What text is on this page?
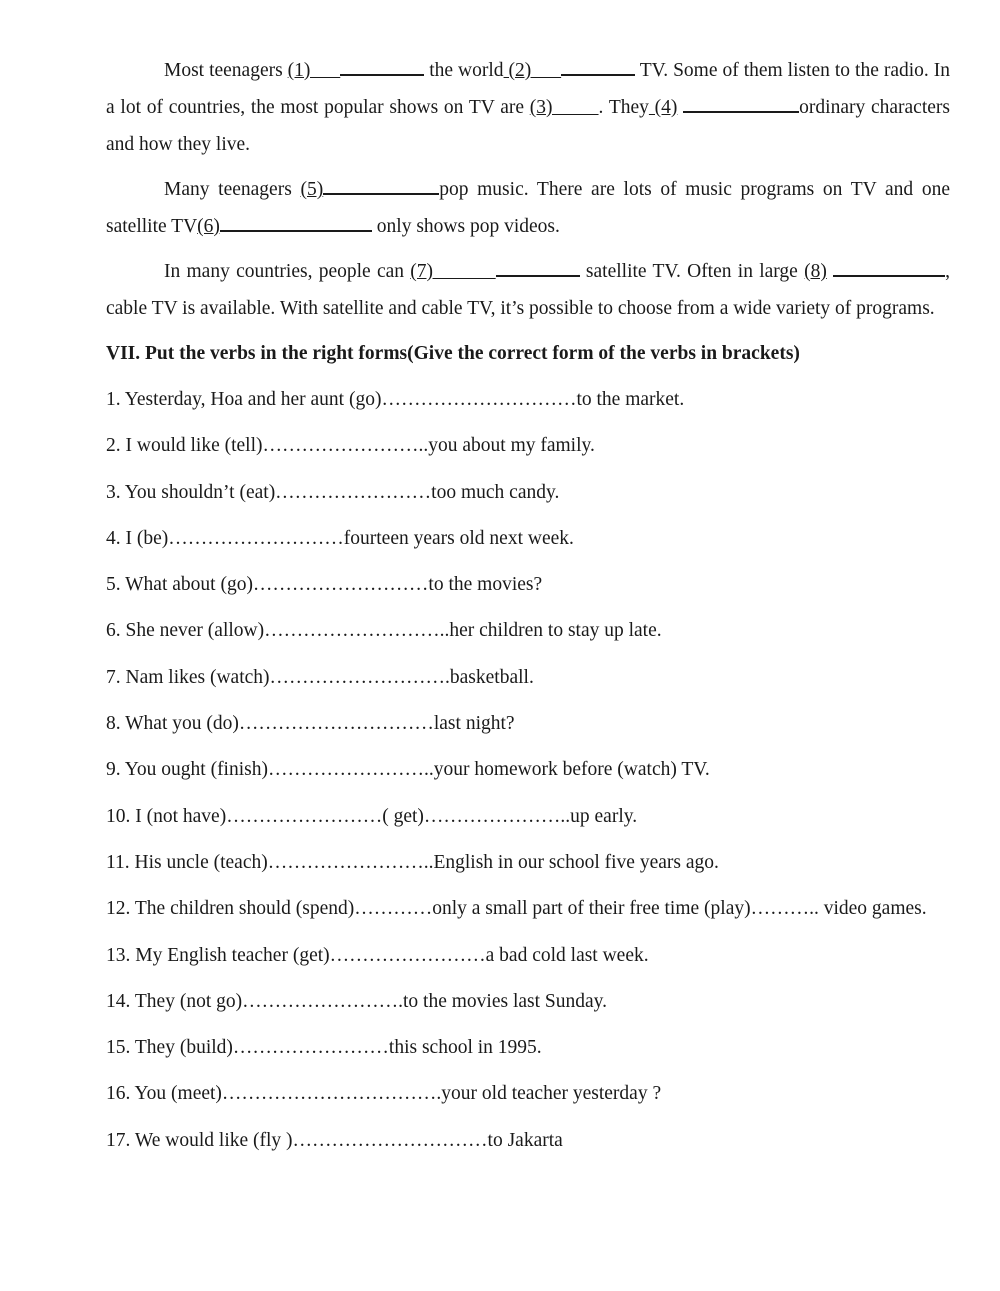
Most teenagers (1)	the world (2)	TV. Some of them listen to the radio. In a lot of countries, the most popular shows on TV are (3)        . They (4)	ordinary characters and how they live.

Many teenagers (5)	pop music. There are lots of music programs on TV and one satellite TV(6)	only shows pop videos.

In many countries, people can (7)	satellite TV. Often in large (8)	, cable TV is available. With satellite and cable TV, it’s possible to choose from a wide variety of programs.

VII. Put the verbs in the right forms(Give the correct form of the verbs in brackets)
1. Yesterday, Hoa and her aunt (go)…………………………to the market.
2. I would like (tell)……………………..you about my family.
3. You shouldn’t (eat)……………………too much candy.
4. I (be)………………………fourteen years old next week.
5. What about (go)………………………to the movies?
6. She never (allow)………………………..her children to stay up late.
7. Nam likes (watch)……………………….basketball.
8. What you (do)…………………………last night?
9. You ought (finish)……………………..your homework before (watch) TV.
10. I (not have)……………………( get)…………………..up early.
11. His uncle (teach)……………………..English in our school five years ago.
12. The children should (spend)…………only a small part of their free time (play)……….. video games.
13. My English teacher (get)……………………a bad cold last week.
14. They (not go)…………………….to the movies last Sunday.
15. They (build)……………………this school in 1995.
16. You (meet)…………………………….your old teacher yesterday ?
17. We would like (fly )…………………………to Jakarta
